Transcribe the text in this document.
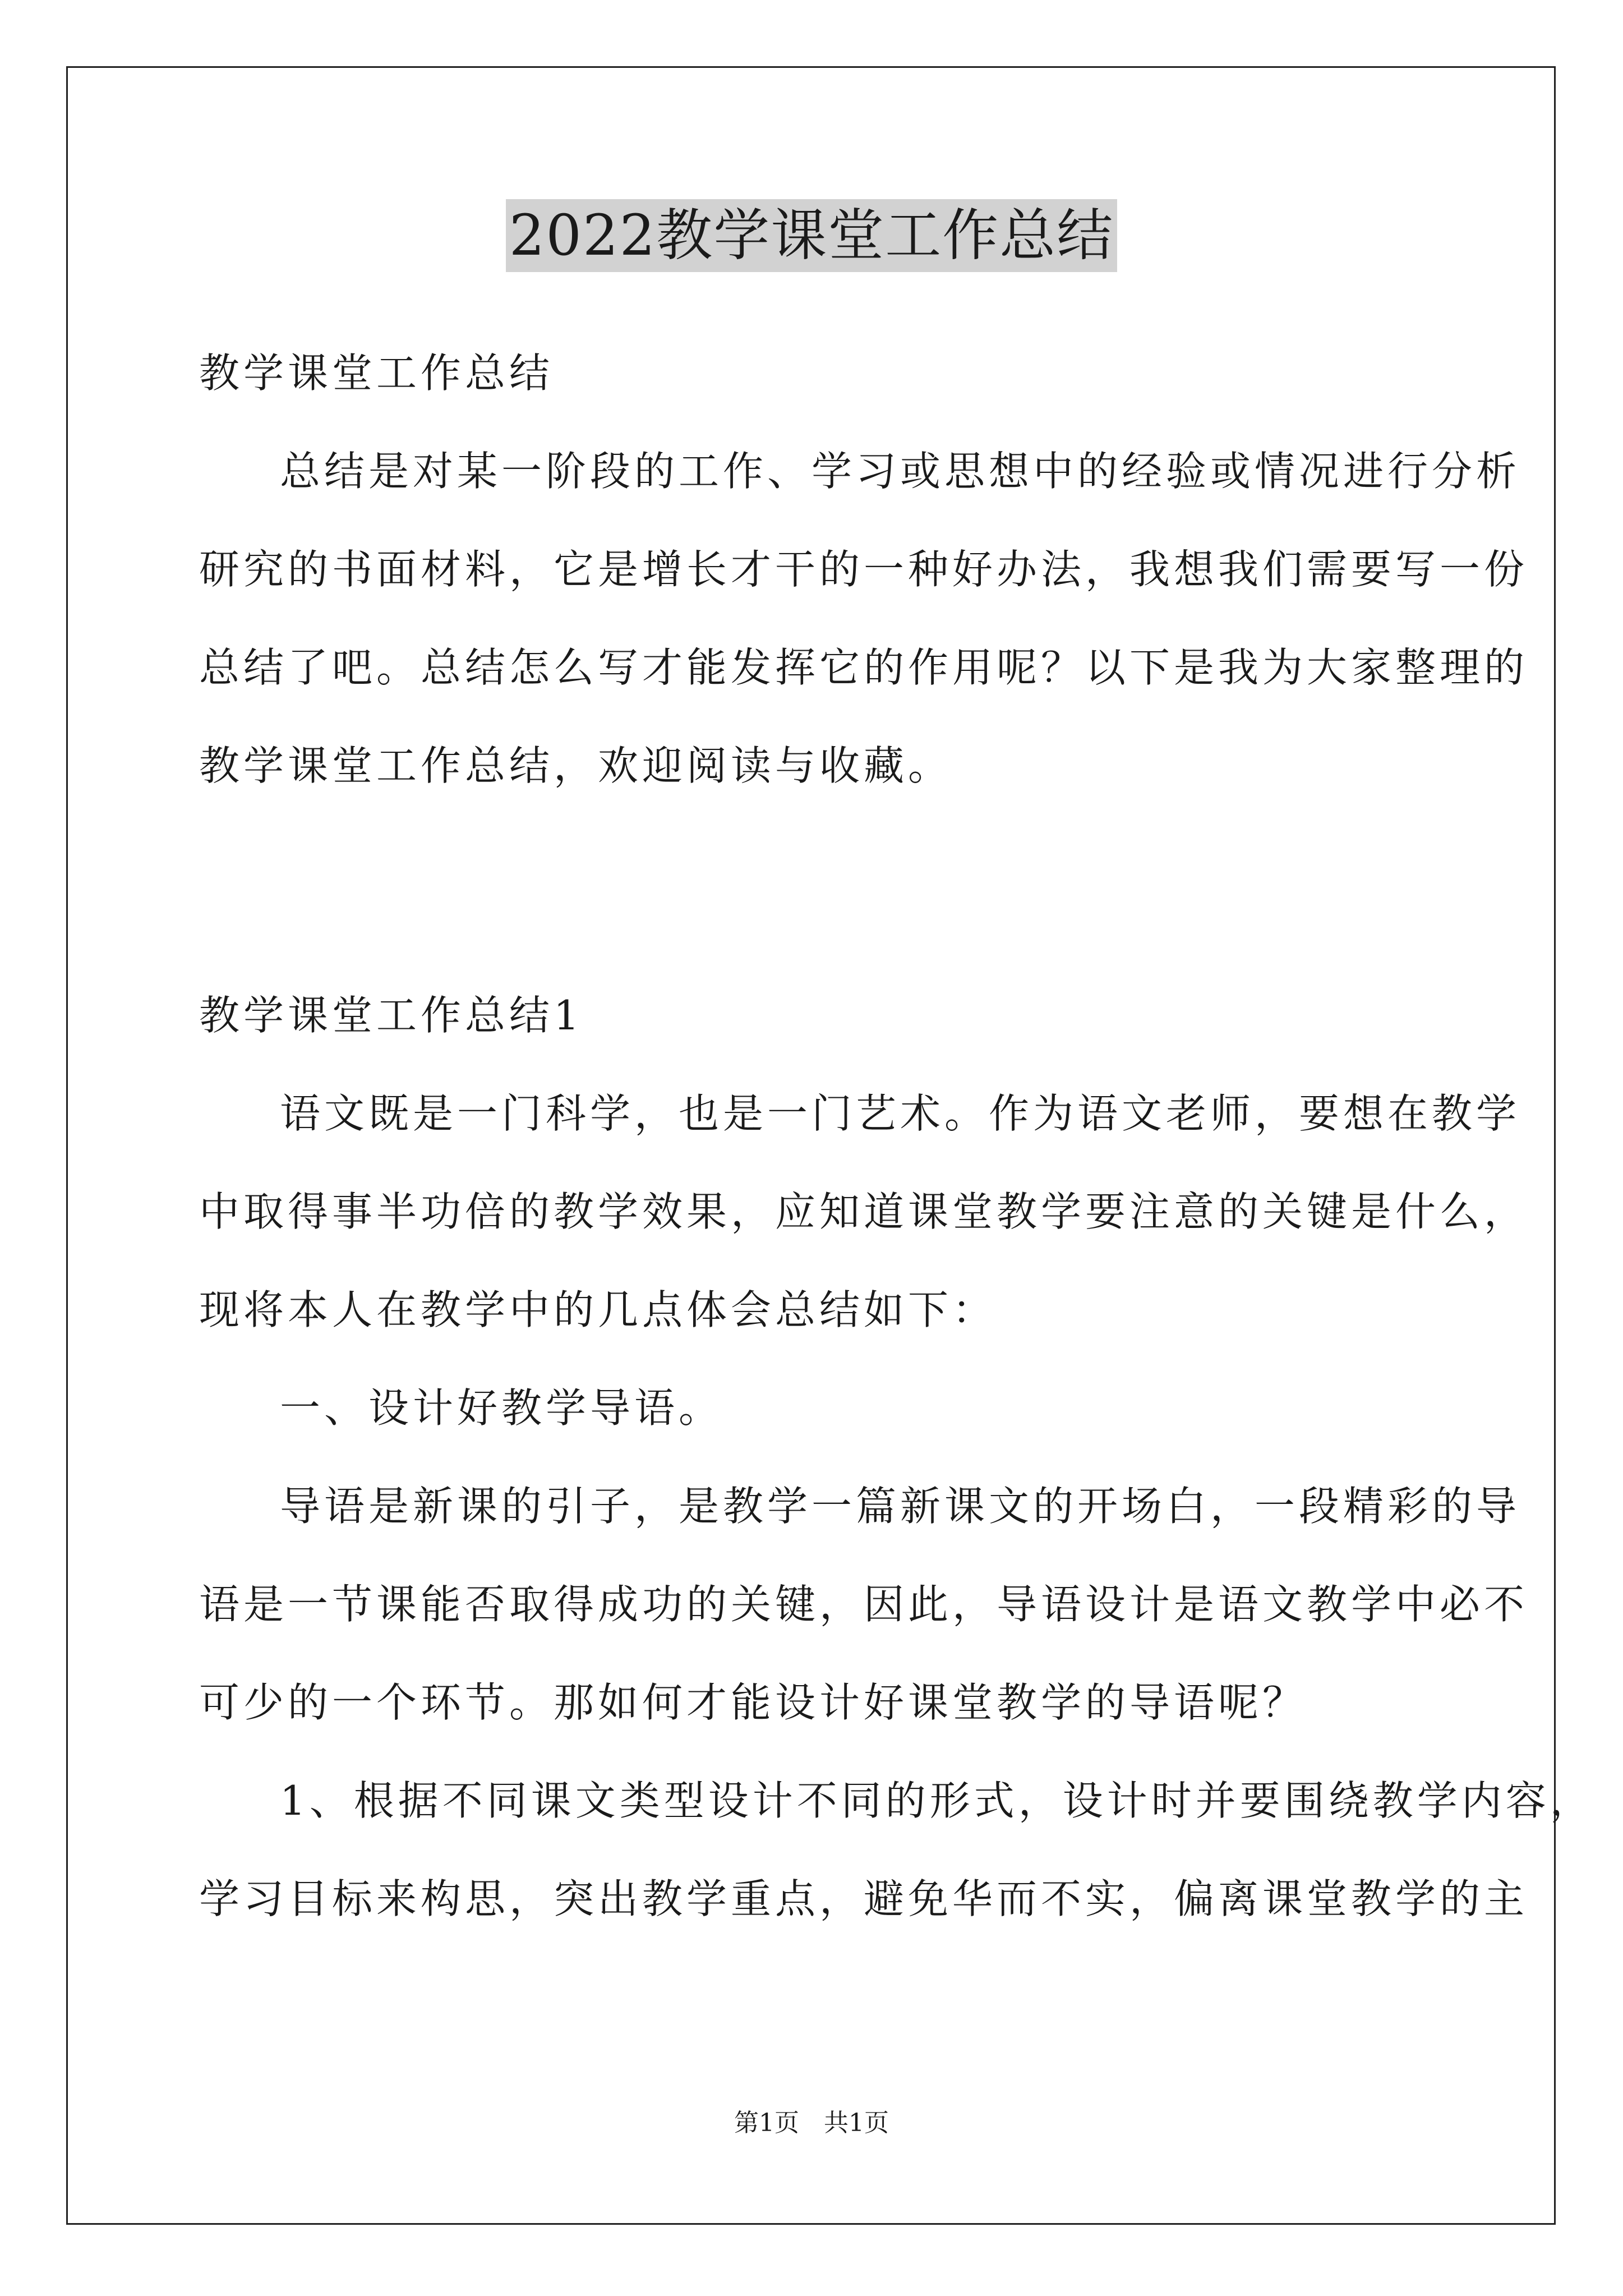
2022教学课堂工作总结
教学课堂工作总结
总结是对某一阶段的工作、学习或思想中的经验或情况进行分析
研究的书面材料，它是增长才干的一种好办法，我想我们需要写一份
总结了吧。总结怎么写才能发挥它的作用呢？以下是我为大家整理的
教学课堂工作总结，欢迎阅读与收藏。
教学课堂工作总结1
语文既是一门科学，也是一门艺术。作为语文老师，要想在教学
中取得事半功倍的教学效果，应知道课堂教学要注意的关键是什么，
现将本人在教学中的几点体会总结如下：
一、设计好教学导语。
导语是新课的引子，是教学一篇新课文的开场白，一段精彩的导
语是一节课能否取得成功的关键，因此，导语设计是语文教学中必不
可少的一个环节。那如何才能设计好课堂教学的导语呢？
1、根据不同课文类型设计不同的形式，设计时并要围绕教学内容，
学习目标来构思，突出教学重点，避免华而不实，偏离课堂教学的主
第1页 共1页
